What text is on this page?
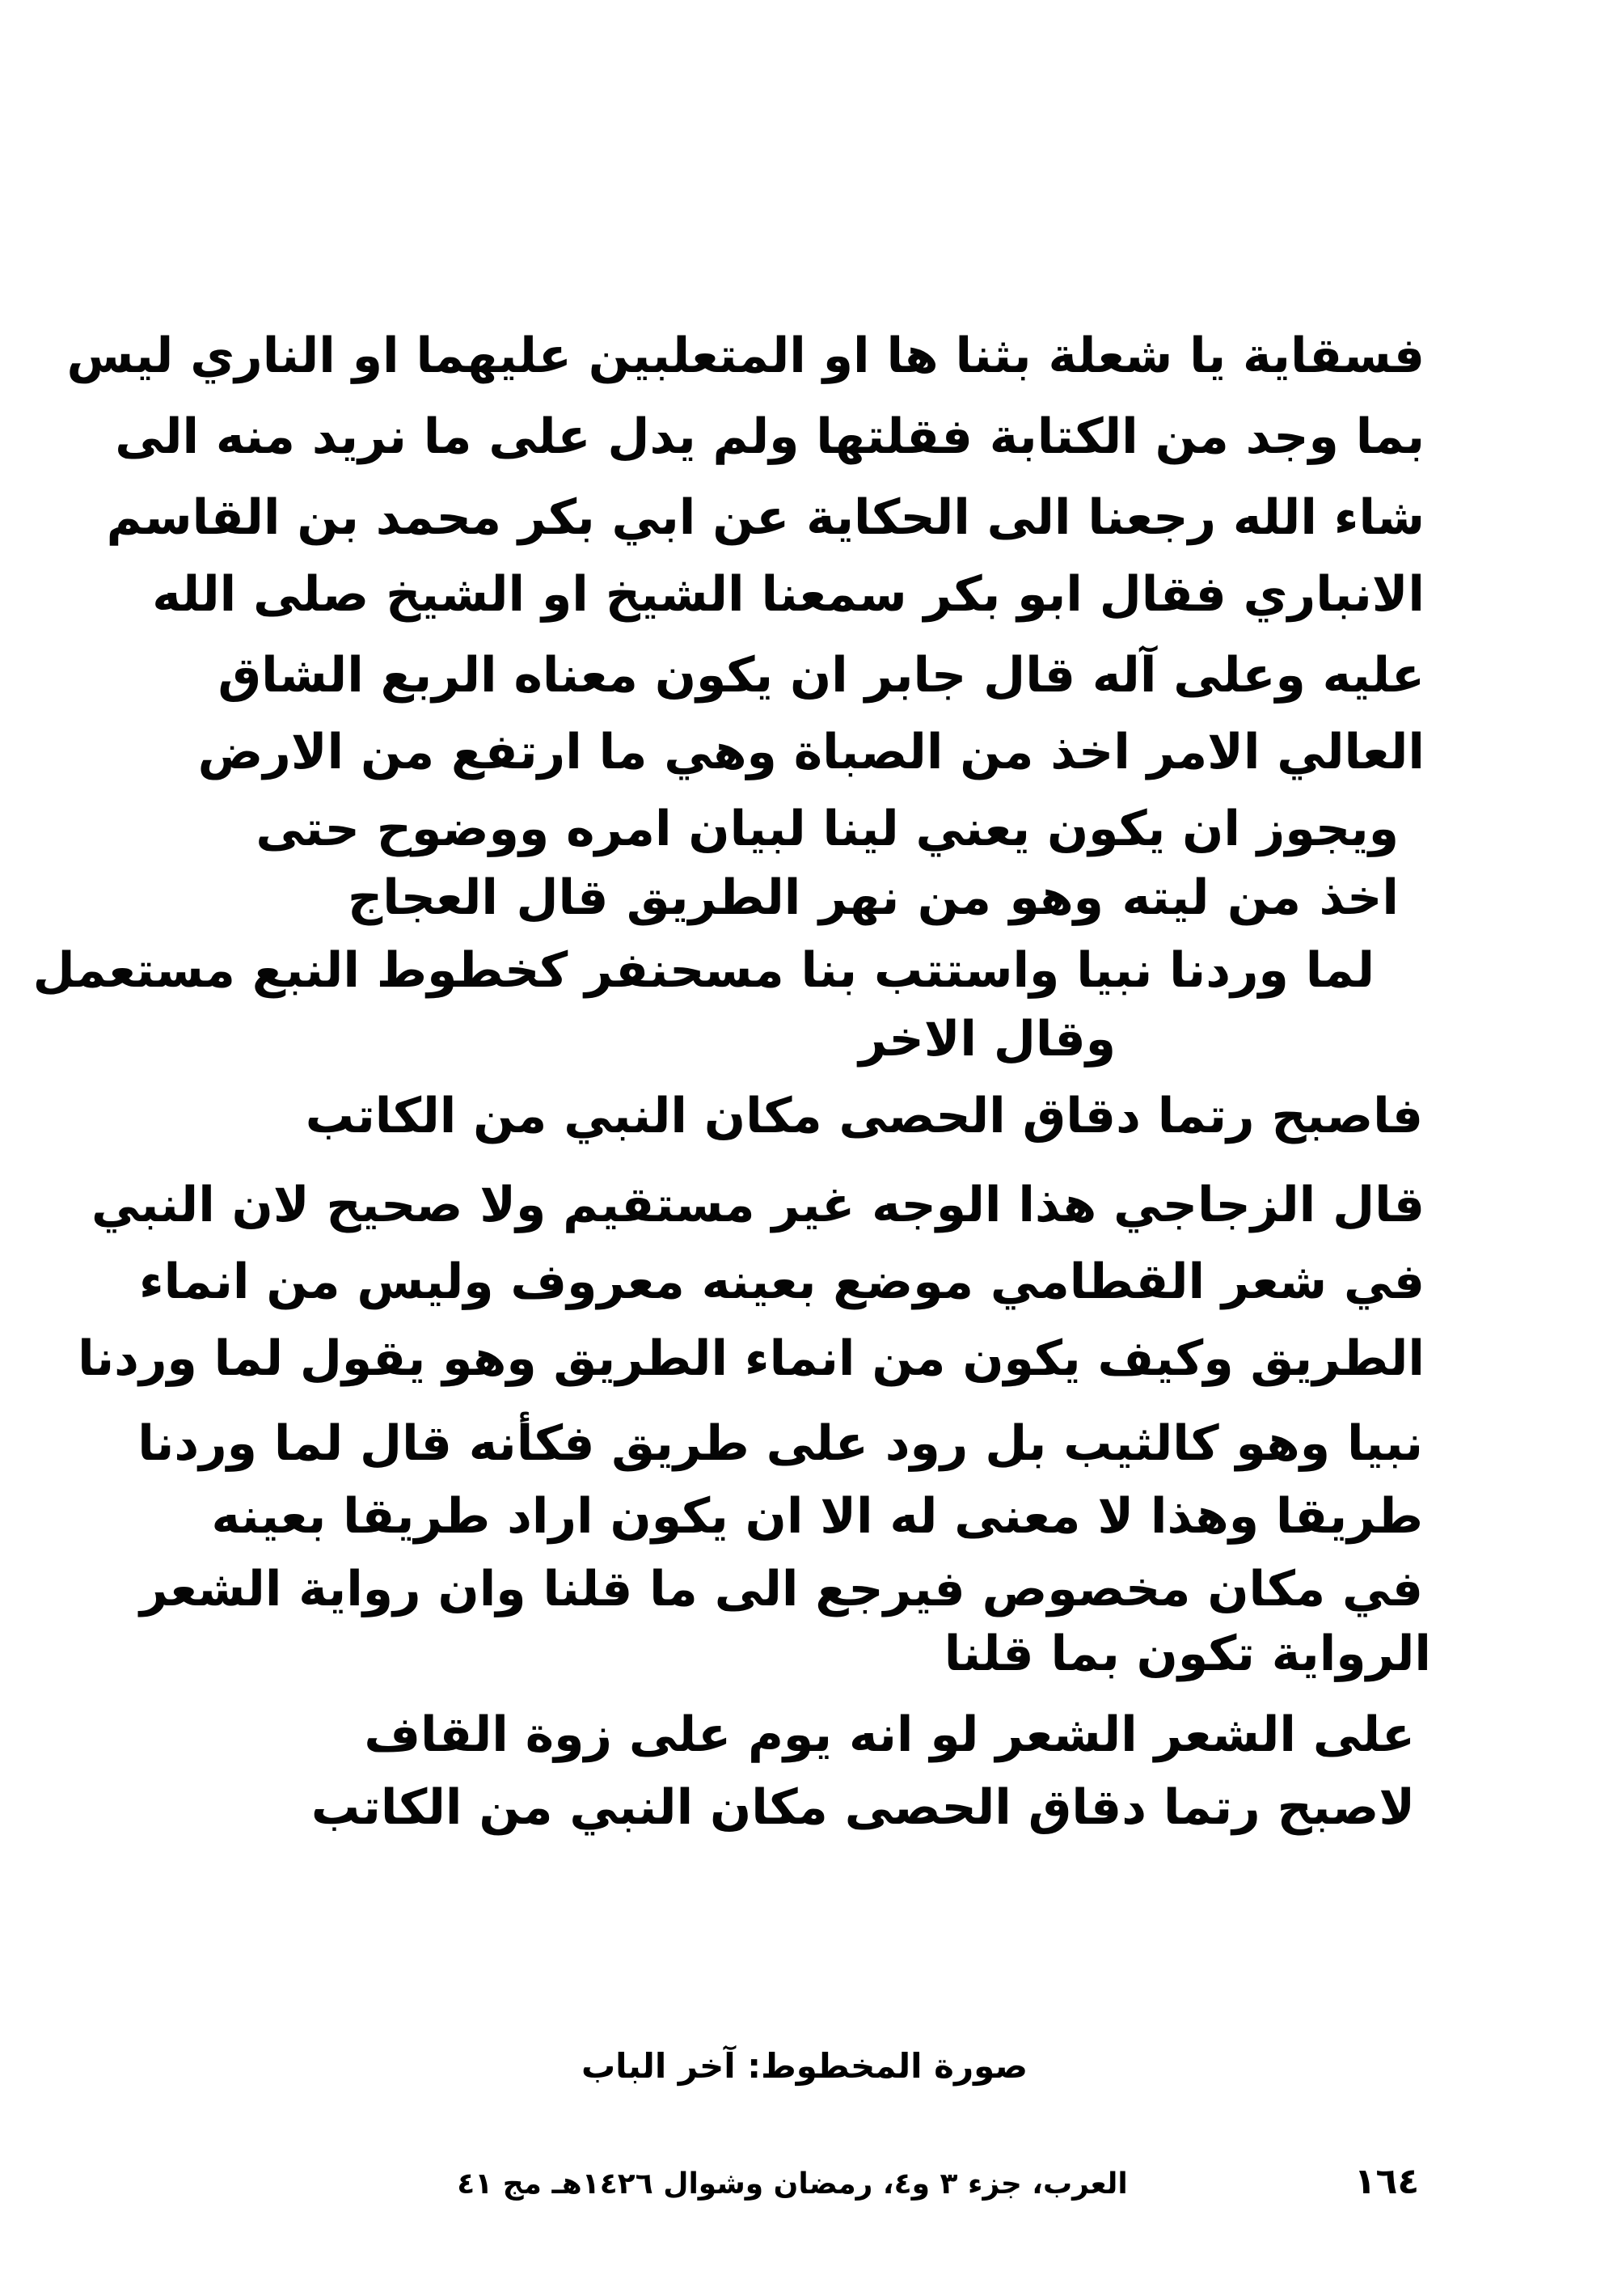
فسقاية يا شعلة بثنا ها او المتعلبين عليهما او الناري ليس
بما وجد من الكتابة فقلتها ولم يدل على ما نريد منه الى
شاء الله رجعنا الى الحكاية عن ابي بكر محمد بن القاسم
الانباري فقال ابو بكر سمعنا الشيخ او الشيخ صلى الله
عليه وعلى آله قال جابر ان يكون معناه الربع الشاق
العالي الامر اخذ من الصباة وهي ما ارتفع من الارض
ويجوز ان يكون يعني لينا لبيان امره ووضوح حتى
اخذ من ليته وهو من نهر الطريق قال العجاج
لما وردنا نبيا واستتب بنا مسحنفر كخطوط النبع مستعمل
وقال الاخر
فاصبح رتما دقاق الحصى مكان النبي من الكاتب
قال الزجاجي هذا الوجه غير مستقيم ولا صحيح لان النبي
في شعر القطامي موضع بعينه معروف وليس من انماء
الطريق وكيف يكون من انماء الطريق وهو يقول لما وردنا
نبيا وهو كالثيب بل رود على طريق فكأنه قال لما وردنا
طريقا وهذا لا معنى له الا ان يكون اراد طريقا بعينه
في مكان مخصوص فيرجع الى ما قلنا وان رواية الشعر
الرواية تكون بما قلنا
على الشعر الشعر لو انه يوم على زوة القاف
لاصبح رتما دقاق الحصى مكان النبي من الكاتب
صورة المخطوط: آخر الباب
العرب، جزء ٣ و٤، رمضان وشوال ١٤٢٦هـ مج ٤١	١٦٤
